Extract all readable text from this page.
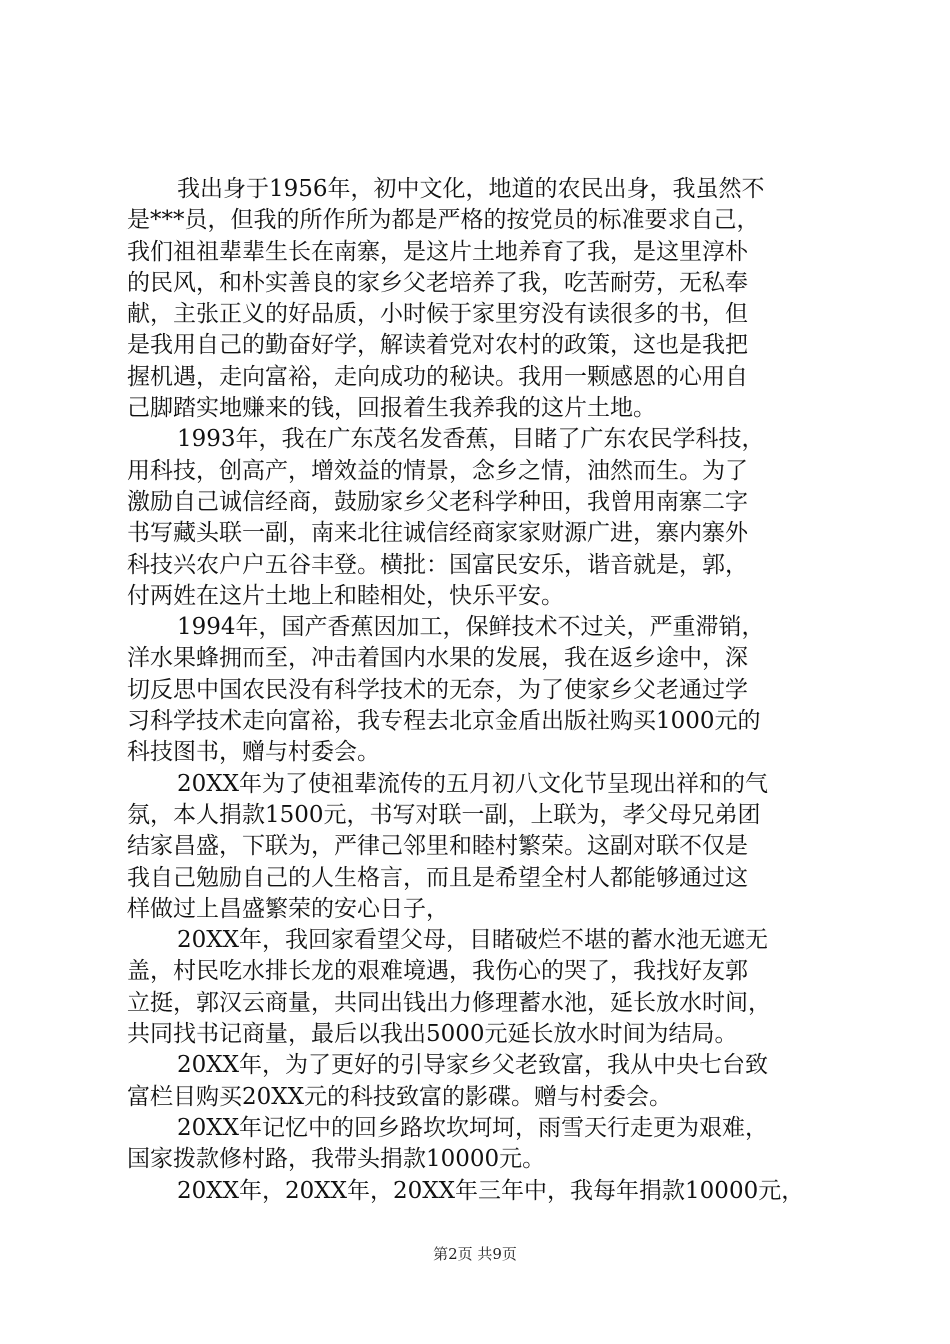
我出身于1956年，初中文化，地道的农民出身，我虽然不
是***员，但我的所作所为都是严格的按党员的标准要求自己，
我们祖祖辈辈生长在南寨，是这片土地养育了我，是这里淳朴
的民风，和朴实善良的家乡父老培养了我，吃苦耐劳，无私奉
献，主张正义的好品质，小时候于家里穷没有读很多的书，但
是我用自己的勤奋好学，解读着党对农村的政策，这也是我把
握机遇，走向富裕，走向成功的秘诀。我用一颗感恩的心用自
己脚踏实地赚来的钱，回报着生我养我的这片土地。
1993年，我在广东茂名发香蕉，目睹了广东农民学科技，
用科技，创高产，增效益的情景，念乡之情，油然而生。为了
激励自己诚信经商，鼓励家乡父老科学种田，我曾用南寨二字
书写藏头联一副，南来北往诚信经商家家财源广进，寨内寨外
科技兴农户户五谷丰登。横批：国富民安乐，谐音就是，郭，
付两姓在这片土地上和睦相处，快乐平安。
1994年，国产香蕉因加工，保鲜技术不过关，严重滞销，
洋水果蜂拥而至，冲击着国内水果的发展，我在返乡途中，深
切反思中国农民没有科学技术的无奈，为了使家乡父老通过学
习科学技术走向富裕，我专程去北京金盾出版社购买1000元的
科技图书，赠与村委会。
20XX年为了使祖辈流传的五月初八文化节呈现出祥和的气
氛，本人捐款1500元，书写对联一副，上联为，孝父母兄弟团
结家昌盛，下联为，严律己邻里和睦村繁荣。这副对联不仅是
我自己勉励自己的人生格言，而且是希望全村人都能够通过这
样做过上昌盛繁荣的安心日子，
20XX年，我回家看望父母，目睹破烂不堪的蓄水池无遮无
盖，村民吃水排长龙的艰难境遇，我伤心的哭了，我找好友郭
立挺，郭汉云商量，共同出钱出力修理蓄水池，延长放水时间，
共同找书记商量，最后以我出5000元延长放水时间为结局。
20XX年，为了更好的引导家乡父老致富，我从中央七台致
富栏目购买20XX元的科技致富的影碟。赠与村委会。
20XX年记忆中的回乡路坎坎坷坷，雨雪天行走更为艰难，
国家拨款修村路，我带头捐款10000元。
20XX年，20XX年，20XX年三年中，我每年捐款10000元，
第2页 共9页
